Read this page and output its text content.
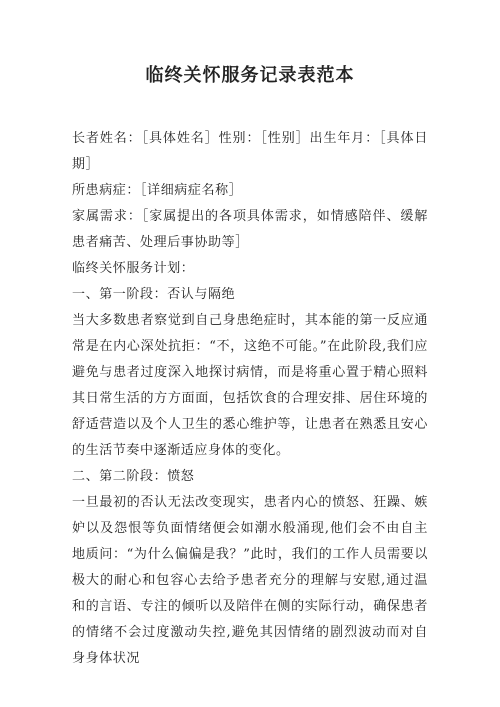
临终关怀服务记录表范本

长者姓名：［具体姓名］性别：［性别］出生年月：［具体日期］

所患病症：［详细病症名称］

家属需求：［家属提出的各项具体需求，如情感陪伴、缓解患者痛苦、处理后事协助等］

临终关怀服务计划：

一、第一阶段：否认与隔绝

当大多数患者察觉到自己身患绝症时，其本能的第一反应通常是在内心深处抗拒：“不，这绝不可能。”在此阶段,我们应避免与患者过度深入地探讨病情，而是将重心置于精心照料其日常生活的方方面面，包括饮食的合理安排、居住环境的舒适营造以及个人卫生的悉心维护等，让患者在熟悉且安心的生活节奏中逐渐适应身体的变化。

二、第二阶段：愤怒

一旦最初的否认无法改变现实，患者内心的愤怒、狂躁、嫉妒以及怨恨等负面情绪便会如潮水般涌现,他们会不由自主地质问：“为什么偏偏是我？”此时，我们的工作人员需要以极大的耐心和包容心去给予患者充分的理解与安慰,通过温和的言语、专注的倾听以及陪伴在侧的实际行动，确保患者的情绪不会过度激动失控,避免其因情绪的剧烈波动而对自身身体状况
